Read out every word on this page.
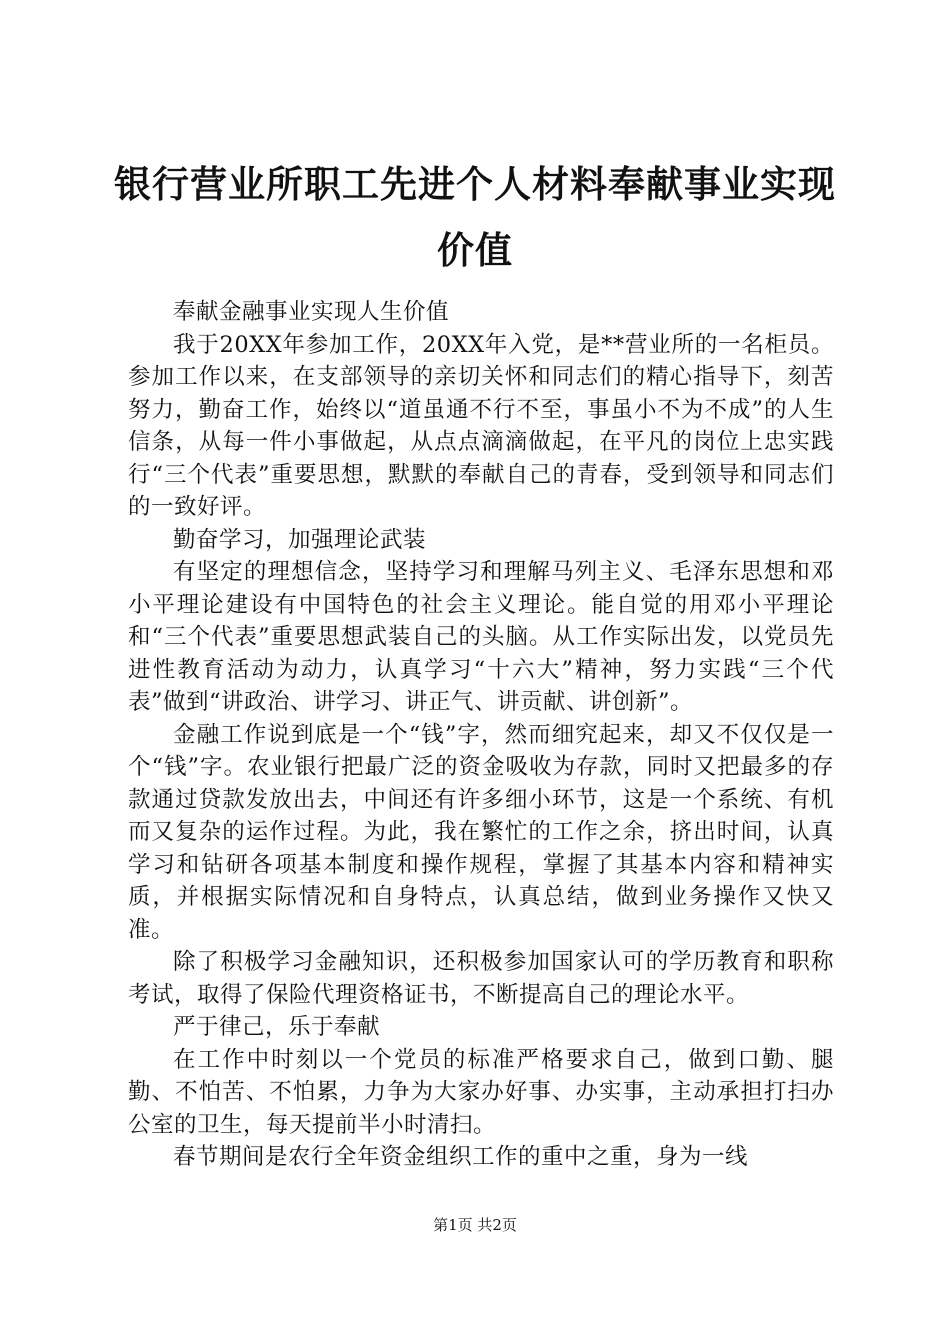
银行营业所职工先进个人材料奉献事业实现价值

奉献金融事业实现人生价值

我于20XX年参加工作，20XX年入党，是**营业所的一名柜员。参加工作以来，在支部领导的亲切关怀和同志们的精心指导下，刻苦努力，勤奋工作，始终以“道虽通不行不至，事虽小不为不成”的人生信条，从每一件小事做起，从点点滴滴做起，在平凡的岗位上忠实践行“三个代表”重要思想，默默的奉献自己的青春，受到领导和同志们的一致好评。

勤奋学习，加强理论武装

有坚定的理想信念，坚持学习和理解马列主义、毛泽东思想和邓小平理论建设有中国特色的社会主义理论。能自觉的用邓小平理论和“三个代表”重要思想武装自己的头脑。从工作实际出发，以党员先进性教育活动为动力，认真学习“十六大”精神，努力实践“三个代表”做到“讲政治、讲学习、讲正气、讲贡献、讲创新”。

金融工作说到底是一个“钱”字，然而细究起来，却又不仅仅是一个“钱”字。农业银行把最广泛的资金吸收为存款，同时又把最多的存款通过贷款发放出去，中间还有许多细小环节，这是一个系统、有机而又复杂的运作过程。为此，我在繁忙的工作之余，挤出时间，认真学习和钻研各项基本制度和操作规程，掌握了其基本内容和精神实质，并根据实际情况和自身特点，认真总结，做到业务操作又快又准。

除了积极学习金融知识，还积极参加国家认可的学历教育和职称考试，取得了保险代理资格证书，不断提高自己的理论水平。

严于律己，乐于奉献

在工作中时刻以一个党员的标准严格要求自己，做到口勤、腿勤、不怕苦、不怕累，力争为大家办好事、办实事，主动承担打扫办公室的卫生，每天提前半小时清扫。

春节期间是农行全年资金组织工作的重中之重，身为一线

第1页 共2页
